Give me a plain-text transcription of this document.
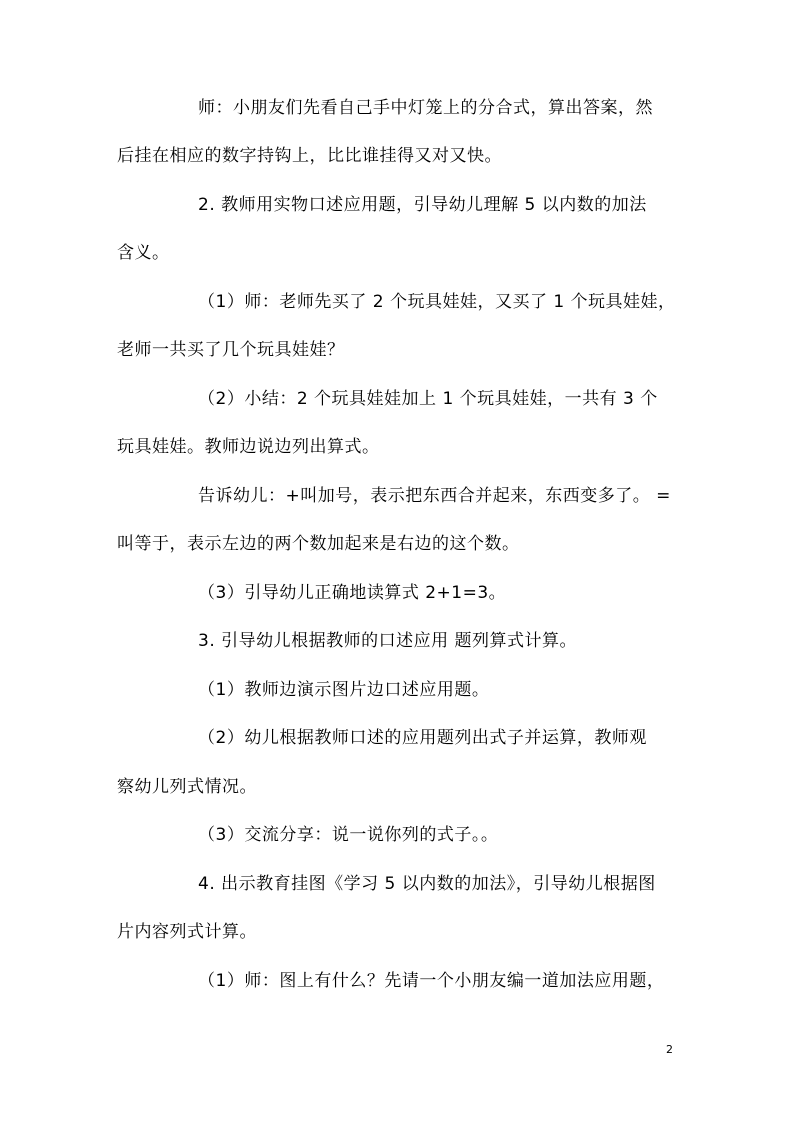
师：小朋友们先看自己手中灯笼上的分合式，算出答案，然
后挂在相应的数字持钩上，比比谁挂得又对又快。
2. 教师用实物口述应用题，引导幼儿理解 5 以内数的加法
含义。
（1）师：老师先买了 2 个玩具娃娃，又买了 1 个玩具娃娃，
老师一共买了几个玩具娃娃？
（2）小结：2 个玩具娃娃加上 1 个玩具娃娃，一共有 3 个
玩具娃娃。教师边说边列出算式。
告诉幼儿：+叫加号，表示把东西合并起来，东西变多了。 =
叫等于，表示左边的两个数加起来是右边的这个数。
（3）引导幼儿正确地读算式 2+1=3。
3. 引导幼儿根据教师的口述应用 题列算式计算。
（1）教师边演示图片边口述应用题。
（2）幼儿根据教师口述的应用题列出式子并运算，教师观
察幼儿列式情况。
（3）交流分享：说一说你列的式子。。
4. 出示教育挂图《学习 5 以内数的加法》，引导幼儿根据图
片内容列式计算。
（1）师：图上有什么？先请一个小朋友编一道加法应用题，
2
